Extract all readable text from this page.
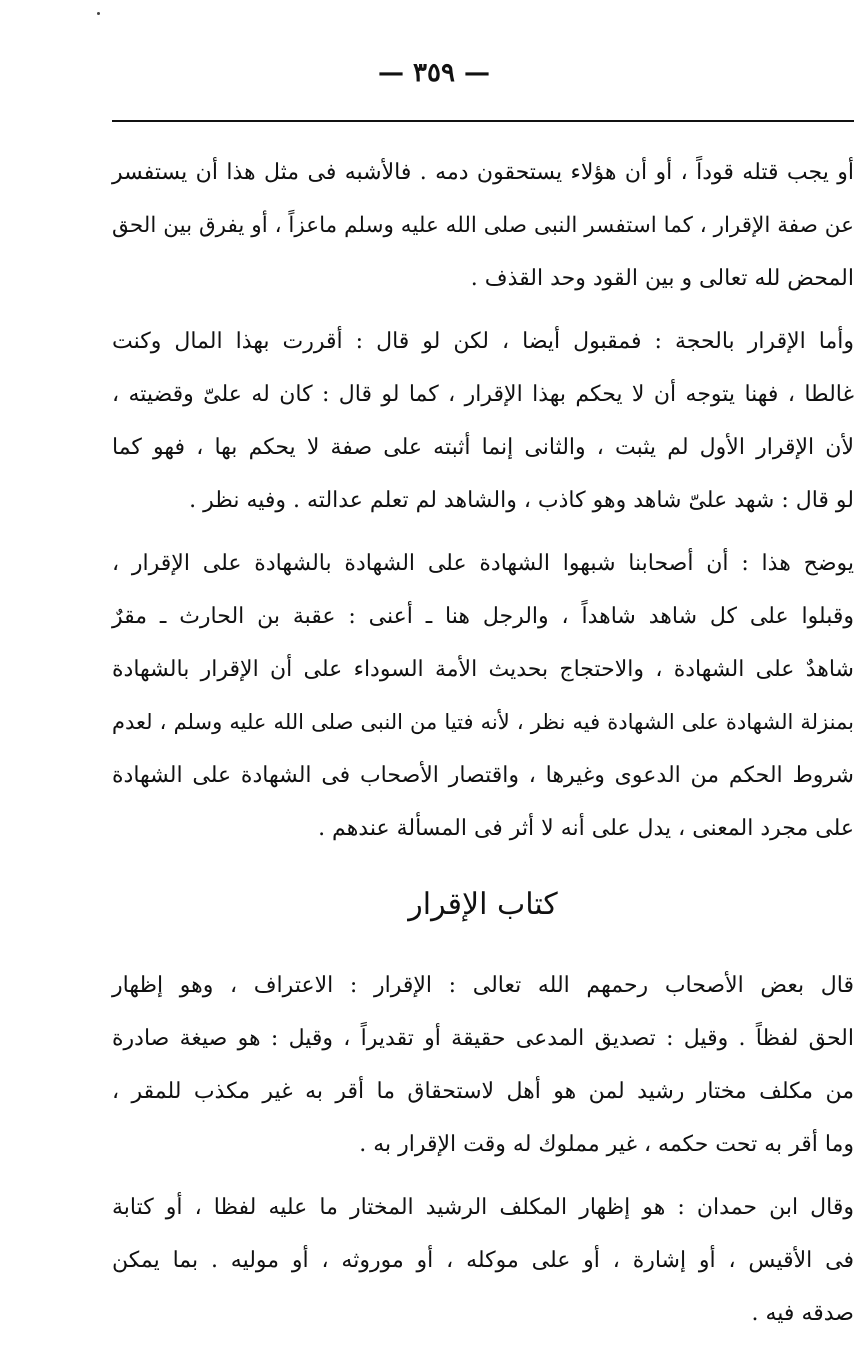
— ٣٥٩ —
أو يجب قتله قوداً ، أو أن هؤلاء يستحقون دمه . فالأشبه فى مثل هذا أن يستفسر
عن صفة الإقرار ، كما استفسر النبى صلى الله عليه وسلم ماعزاً ، أو يفرق بين الحق
المحض لله تعالى و بين القود وحد القذف .
وأما الإقرار بالحجة : فمقبول أيضا ، لكن لو قال : أقررت بهذا المال وكنت
غالطا ، فهنا يتوجه أن لا يحكم بهذا الإقرار ، كما لو قال : كان له علىّ وقضيته ،
لأن الإقرار الأول لم يثبت ، والثانى إنما أثبته على صفة لا يحكم بها ، فهو كما
لو قال : شهد علىّ شاهد وهو كاذب ، والشاهد لم تعلم عدالته . وفيه نظر .
يوضح هذا : أن أصحابنا شبهوا الشهادة على الشهادة بالشهادة على الإقرار ،
وقبلوا على كل شاهد شاهداً ، والرجل هنا ـ أعنى : عقبة بن الحارث ـ مقرٌ
شاهدٌ على الشهادة ، والاحتجاج بحديث الأمة السوداء على أن الإقرار بالشهادة
بمنزلة الشهادة على الشهادة فيه نظر ، لأنه فتيا من النبى صلى الله عليه وسلم ، لعدم
شروط الحكم من الدعوى وغيرها ، واقتصار الأصحاب فى الشهادة على الشهادة
على مجرد المعنى ، يدل على أنه لا أثر فى المسألة عندهم .
كتاب الإقرار
قال بعض الأصحاب رحمهم الله تعالى : الإقرار : الاعتراف ، وهو إظهار
الحق لفظاً . وقيل : تصديق المدعى حقيقة أو تقديراً ، وقيل : هو صيغة صادرة
من مكلف مختار رشيد لمن هو أهل لاستحقاق ما أقر به غير مكذب للمقر ،
وما أقر به تحت حكمه ، غير مملوك له وقت الإقرار به .
وقال ابن حمدان : هو إظهار المكلف الرشيد المختار ما عليه لفظا ، أو كتابة
فى الأقيس ، أو إشارة ، أو على موكله ، أو موروثه ، أو موليه . بما يمكن
صدقه فيه .
